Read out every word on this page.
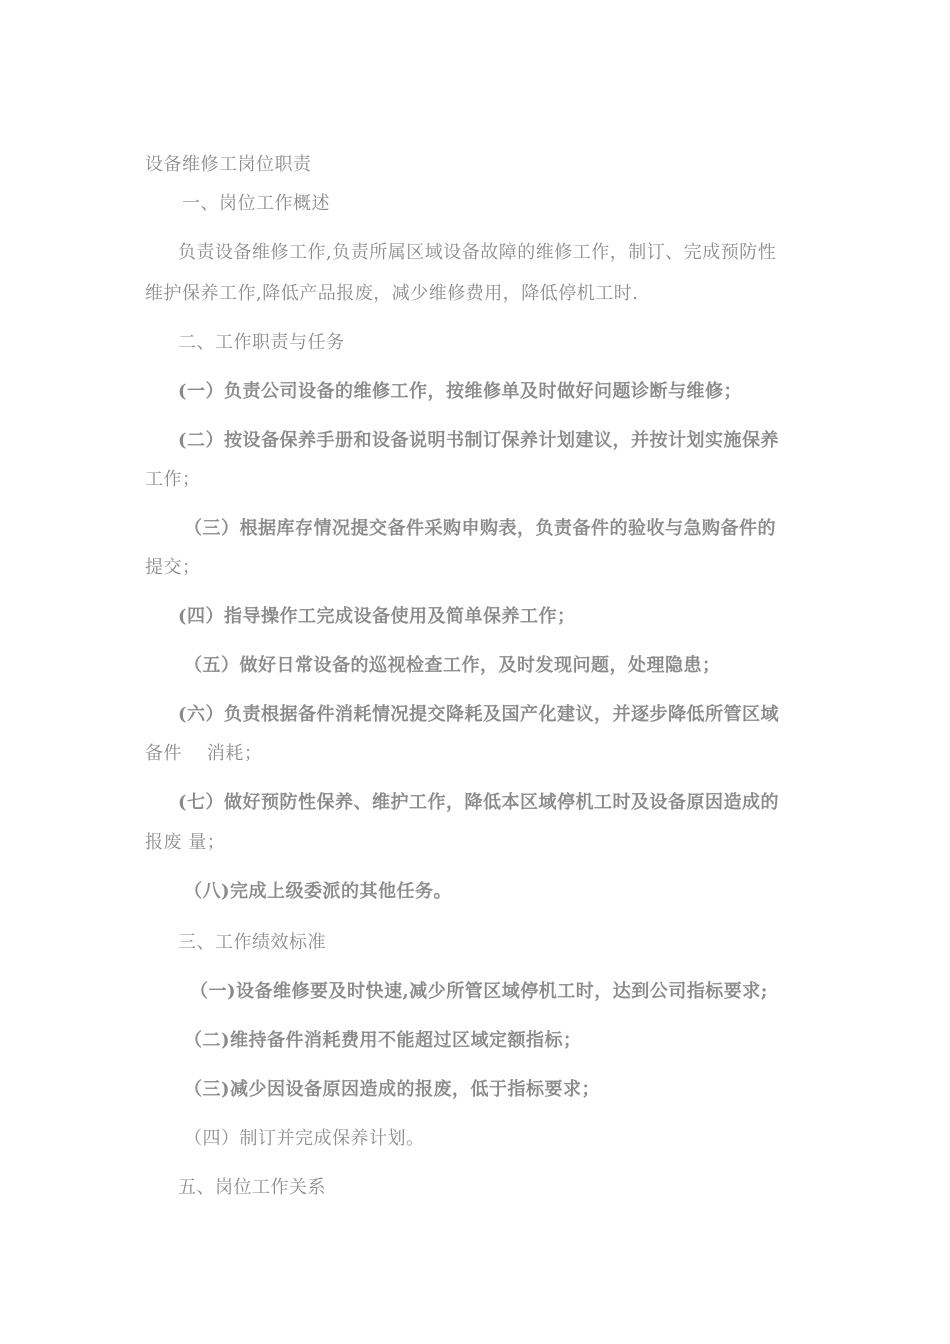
设备维修工岗位职责
一、岗位工作概述
负责设备维修工作,负责所属区域设备故障的维修工作，制订、完成预防性
维护保养工作,降低产品报废，减少维修费用，降低停机工时.
二、工作职责与任务
(一）负责公司设备的维修工作，按维修单及时做好问题诊断与维修；
(二）按设备保养手册和设备说明书制订保养计划建议，并按计划实施保养
工作；
（三）根据库存情况提交备件采购申购表，负责备件的验收与急购备件的
提交；
(四）指导操作工完成设备使用及简单保养工作；
（五）做好日常设备的巡视检查工作，及时发现问题，处理隐患；
(六）负责根据备件消耗情况提交降耗及国产化建议，并逐步降低所管区域
备件    消耗；
(七）做好预防性保养、维护工作，降低本区域停机工时及设备原因造成的
报废 量；
（八)完成上级委派的其他任务。
三、工作绩效标准
（一)设备维修要及时快速,减少所管区域停机工时，达到公司指标要求;
（二)维持备件消耗费用不能超过区域定额指标；
（三)减少因设备原因造成的报废，低于指标要求；
（四）制订并完成保养计划。
五、岗位工作关系
